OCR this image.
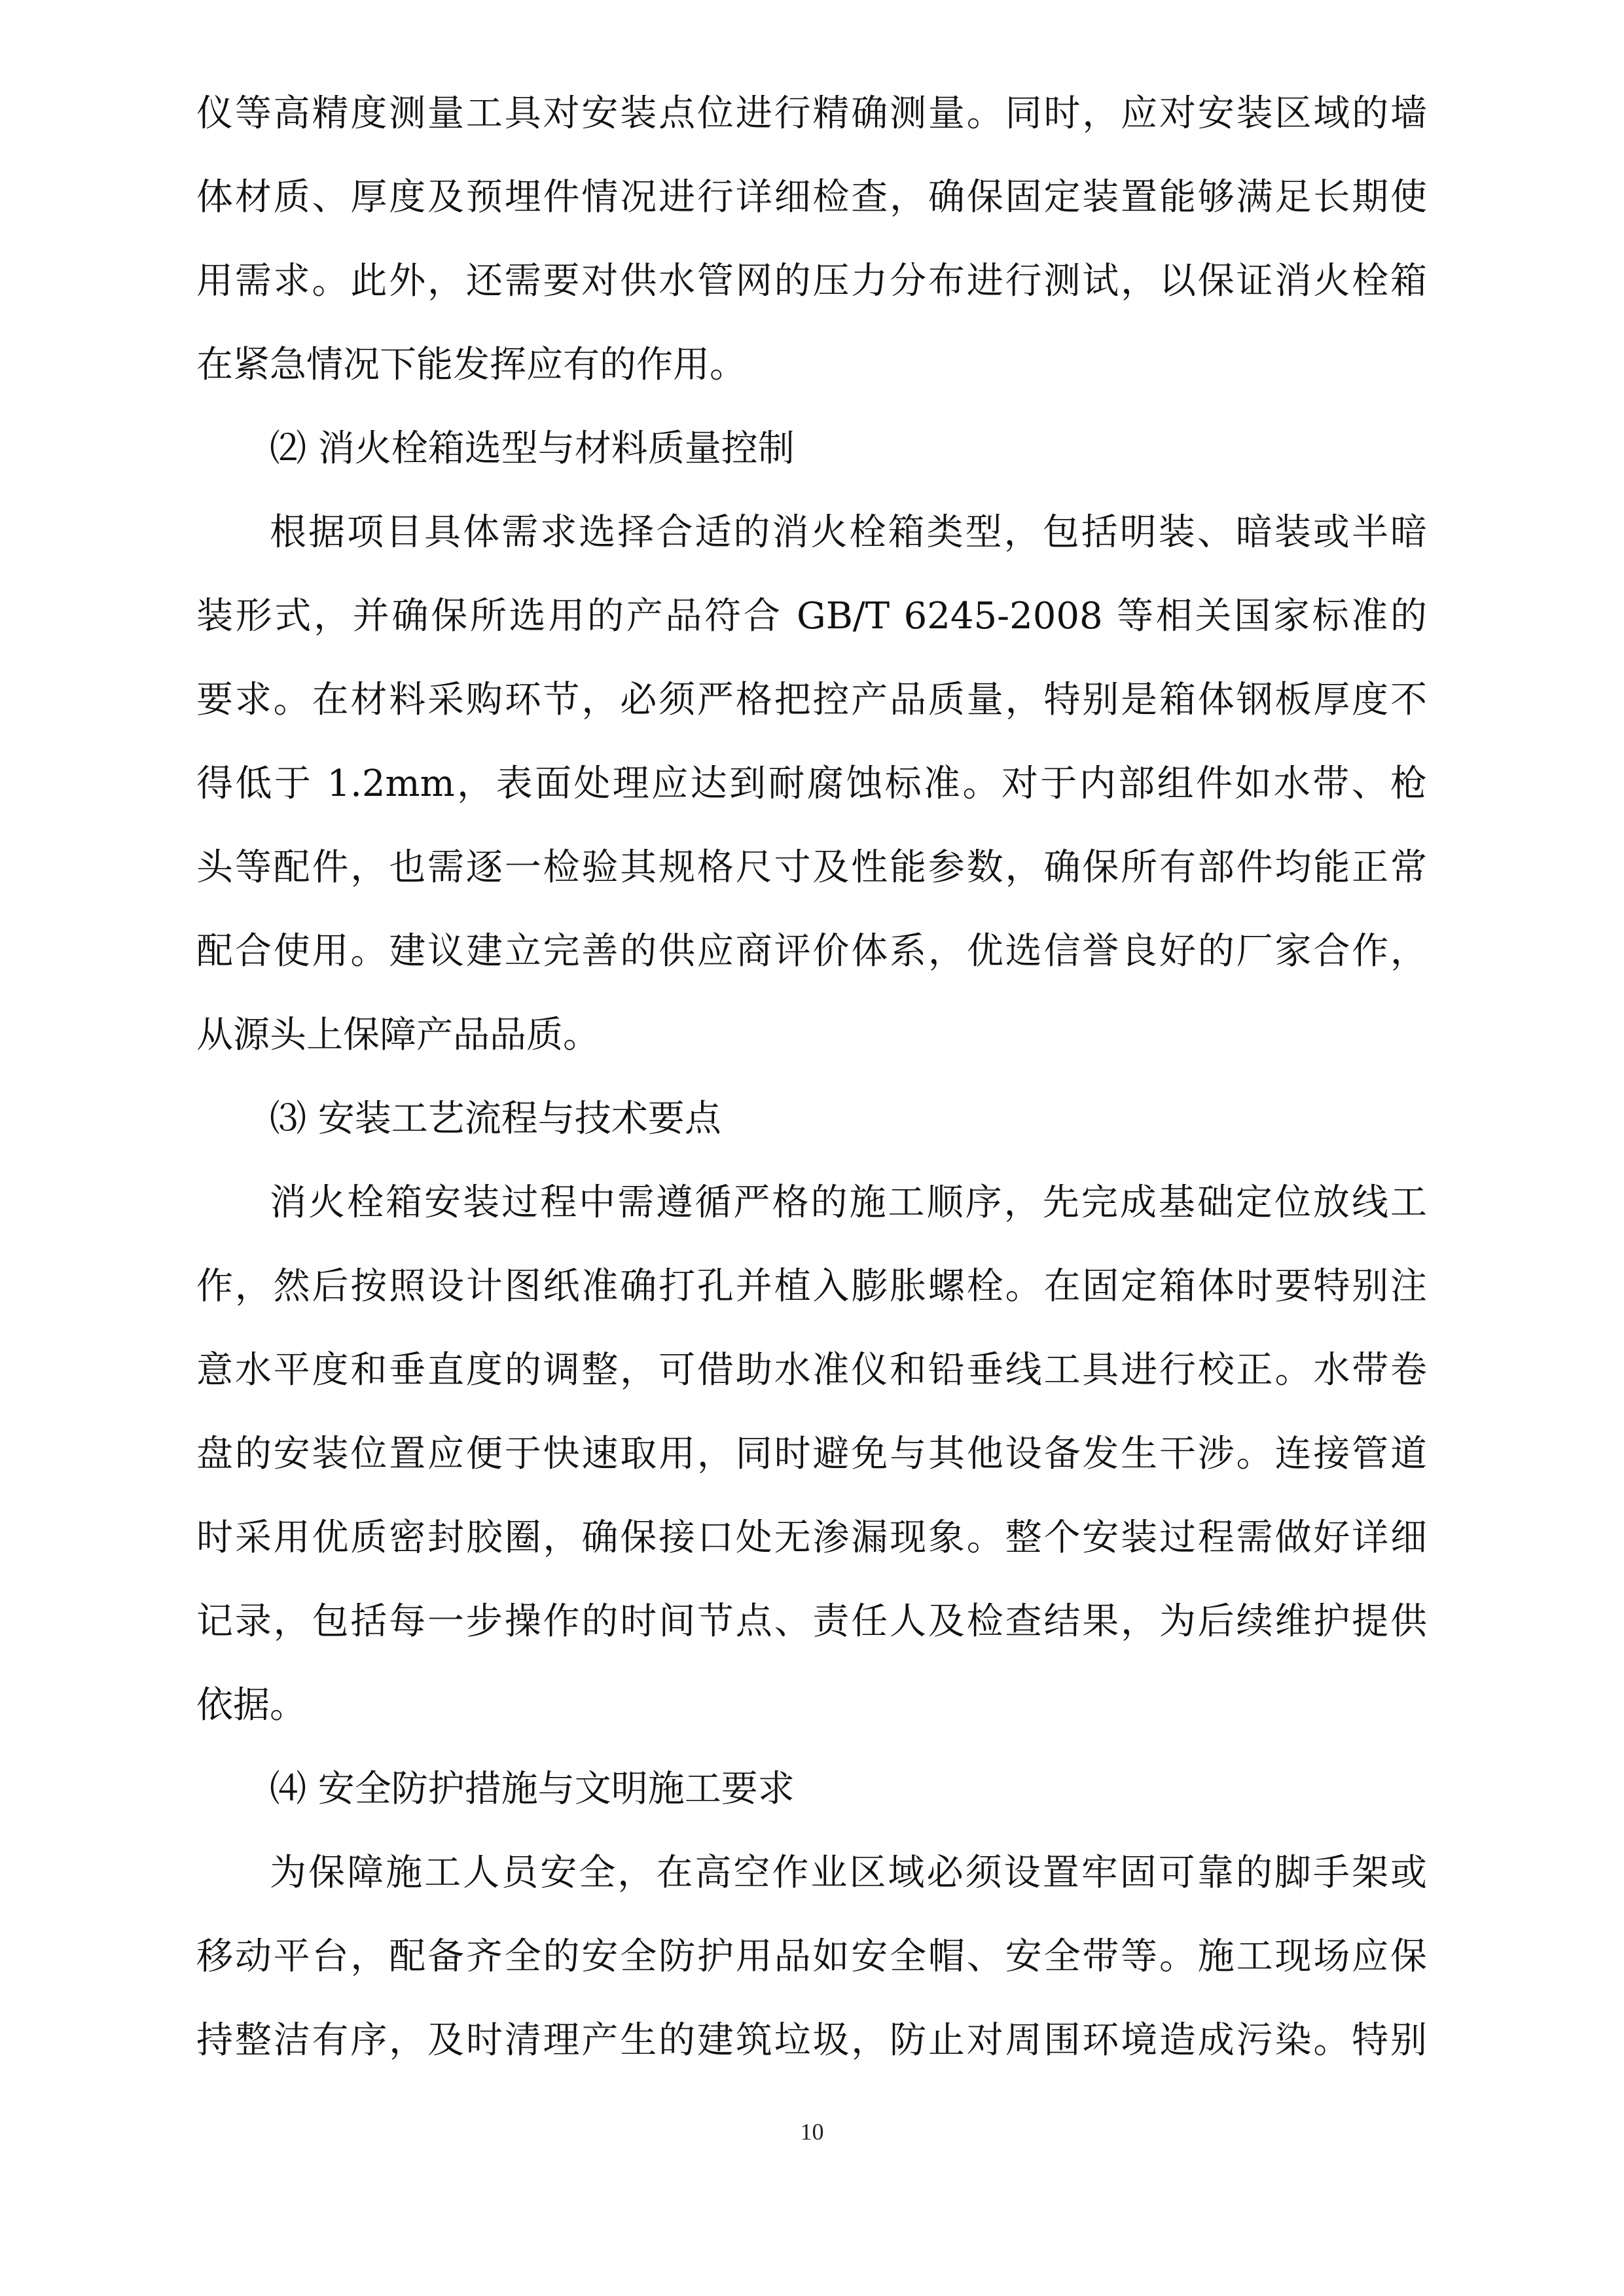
仪等高精度测量工具对安装点位进行精确测量。同时，应对安装区域的墙
体材质、厚度及预埋件情况进行详细检查，确保固定装置能够满足长期使
用需求。此外，还需要对供水管网的压力分布进行测试，以保证消火栓箱
在紧急情况下能发挥应有的作用。
⑵ 消火栓箱选型与材料质量控制
根据项目具体需求选择合适的消火栓箱类型，包括明装、暗装或半暗
装形式，并确保所选用的产品符合 GB/T 6245-2008 等相关国家标准的
要求。在材料采购环节，必须严格把控产品质量，特别是箱体钢板厚度不
得低于 1.2mm，表面处理应达到耐腐蚀标准。对于内部组件如水带、枪
头等配件，也需逐一检验其规格尺寸及性能参数，确保所有部件均能正常
配合使用。建议建立完善的供应商评价体系，优选信誉良好的厂家合作，
从源头上保障产品品质。
⑶ 安装工艺流程与技术要点
消火栓箱安装过程中需遵循严格的施工顺序，先完成基础定位放线工
作，然后按照设计图纸准确打孔并植入膨胀螺栓。在固定箱体时要特别注
意水平度和垂直度的调整，可借助水准仪和铅垂线工具进行校正。水带卷
盘的安装位置应便于快速取用，同时避免与其他设备发生干涉。连接管道
时采用优质密封胶圈，确保接口处无渗漏现象。整个安装过程需做好详细
记录，包括每一步操作的时间节点、责任人及检查结果，为后续维护提供
依据。
⑷ 安全防护措施与文明施工要求
为保障施工人员安全，在高空作业区域必须设置牢固可靠的脚手架或
移动平台，配备齐全的安全防护用品如安全帽、安全带等。施工现场应保
持整洁有序，及时清理产生的建筑垃圾，防止对周围环境造成污染。特别
10
